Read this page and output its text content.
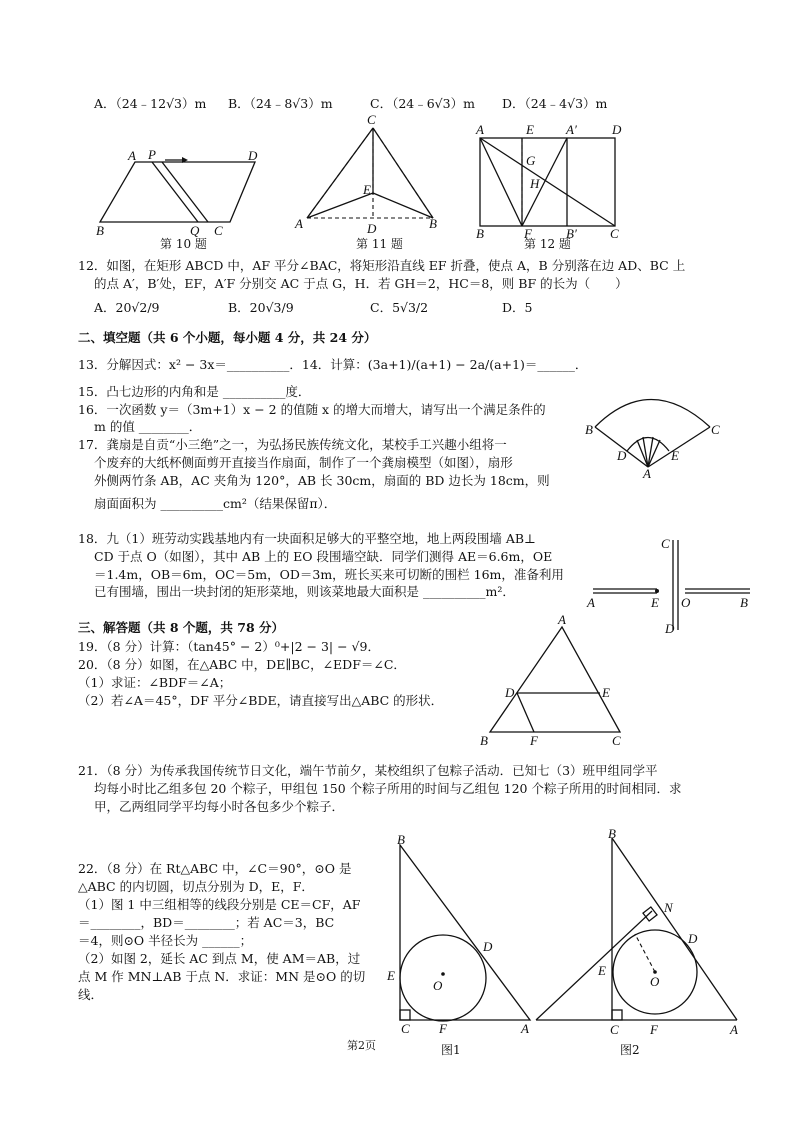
A．（24﹣12√3）m B．（24﹣8√3）m	C．（24﹣6√3）m D．（24﹣4√3）m
A P	D
B	Q C
第 10 题
C
E
A	D	B
第 11 题
A	E A′	D
G
H
B	F	B′	C
第 12 题
12．如图，在矩形 ABCD 中，AF 平分∠BAC，将矩形沿直线 EF 折叠，使点 A，B 分别落在边 AD、BC 上
的点 A′，B′处，EF，A′F 分别交 AC 于点 G，H．若 GH＝2，HC＝8，则 BF 的长为（　　）
A．20√2/9	B．20√3/9	C．5√3/2	D．5
二、填空题（共 6 个小题，每小题 4 分，共 24 分）
13．分解因式：x² − 3x＝__________．14．计算：(3a+1)/(a+1) − 2a/(a+1)＝______．
15．凸七边形的内角和是 __________度．
16．一次函数 y＝（3m+1）x − 2 的值随 x 的增大而增大，请写出一个满足条件的
m 的值 ________．
17．龚扇是自贡“小三绝”之一，为弘扬民族传统文化，某校手工兴趣小组将一
个废弃的大纸杯侧面剪开直接当作扇面，制作了一个龚扇模型（如图），扇形
外侧两竹条 AB，AC 夹角为 120°，AB 长 30cm，扇面的 BD 边长为 18cm，则
扇面面积为 __________cm²（结果保留π）．
B	C
D	E
A
18．九（1）班劳动实践基地内有一块面积足够大的平整空地，地上两段围墙 AB⊥
CD 于点 O（如图），其中 AB 上的 EO 段围墙空缺．同学们测得 AE＝6.6m，OE
＝1.4m，OB＝6m，OC＝5m，OD＝3m，班长买来可切断的围栏 16m，准备利用
已有围墙，围出一块封闭的矩形菜地，则该菜地最大面积是 __________m²．
C
A	E O	B
D
三、解答题（共 8 个题，共 78 分）
19．（8 分）计算：（tan45° − 2）⁰+|2 − 3| − √9．
20．（8 分）如图，在△ABC 中，DE∥BC，∠EDF＝∠C．
（1）求证：∠BDF＝∠A；
（2）若∠A＝45°，DF 平分∠BDE，请直接写出△ABC 的形状．
A
D	E
B	F	C
21．（8 分）为传承我国传统节日文化，端午节前夕，某校组织了包粽子活动．已知七（3）班甲组同学平
均每小时比乙组多包 20 个粽子，甲组包 150 个粽子所用的时间与乙组包 120 个粽子所用的时间相同．求
甲，乙两组同学平均每小时各包多少个粽子．
22．（8 分）在 Rt△ABC 中，∠C＝90°，⊙O 是
△ABC 的内切圆，切点分别为 D，E，F．
（1）图 1 中三组相等的线段分别是 CE＝CF，AF
＝________，BD＝________；若 AC＝3，BC
＝4，则⊙O 半径长为 ______；
（2）如图 2，延长 AC 到点 M，使 AM＝AB，过
点 M 作 MN⊥AB 于点 N．求证：MN 是⊙O 的切
线．
B
D
E
O
C F	A
图1
B
N
D
E
O
C F	A
图2
第2页
